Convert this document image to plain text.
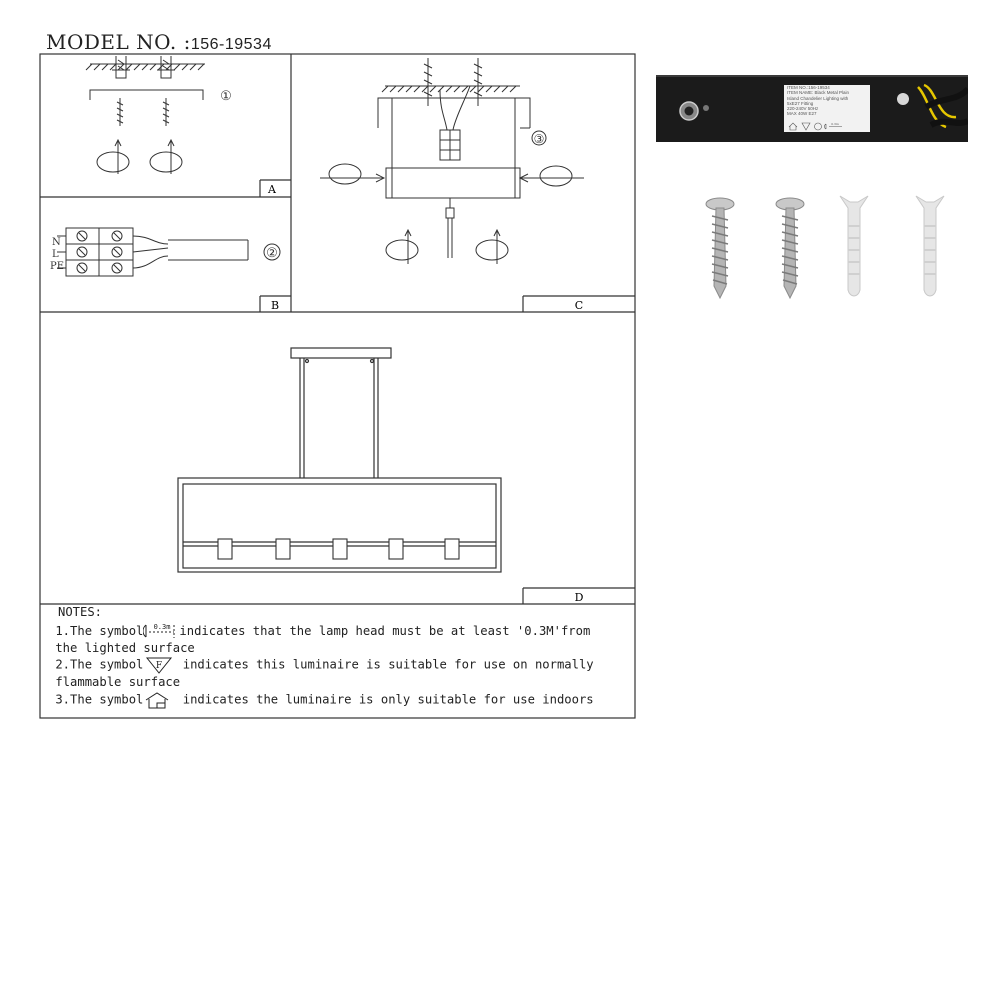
MODEL NO. :156-19534
A
B	C
D
①
N
L
PE
②
③
NOTES:
1.The symbol 0.3m indicates that the lamp head must be at least '0.3M'from
the lighted surface
2.The symbol F indicates this luminaire is suitable for use on normally
flammable surface
3.The symbol	indicates the luminaire is only suitable for use indoors
ITEM NO.:156-19534
ITEM NAME: Black Metal Plain
Island Chandelier Lighting with
5xE27 Fitting
220-240V 50Hz
MAX 40W E27
0.3m
